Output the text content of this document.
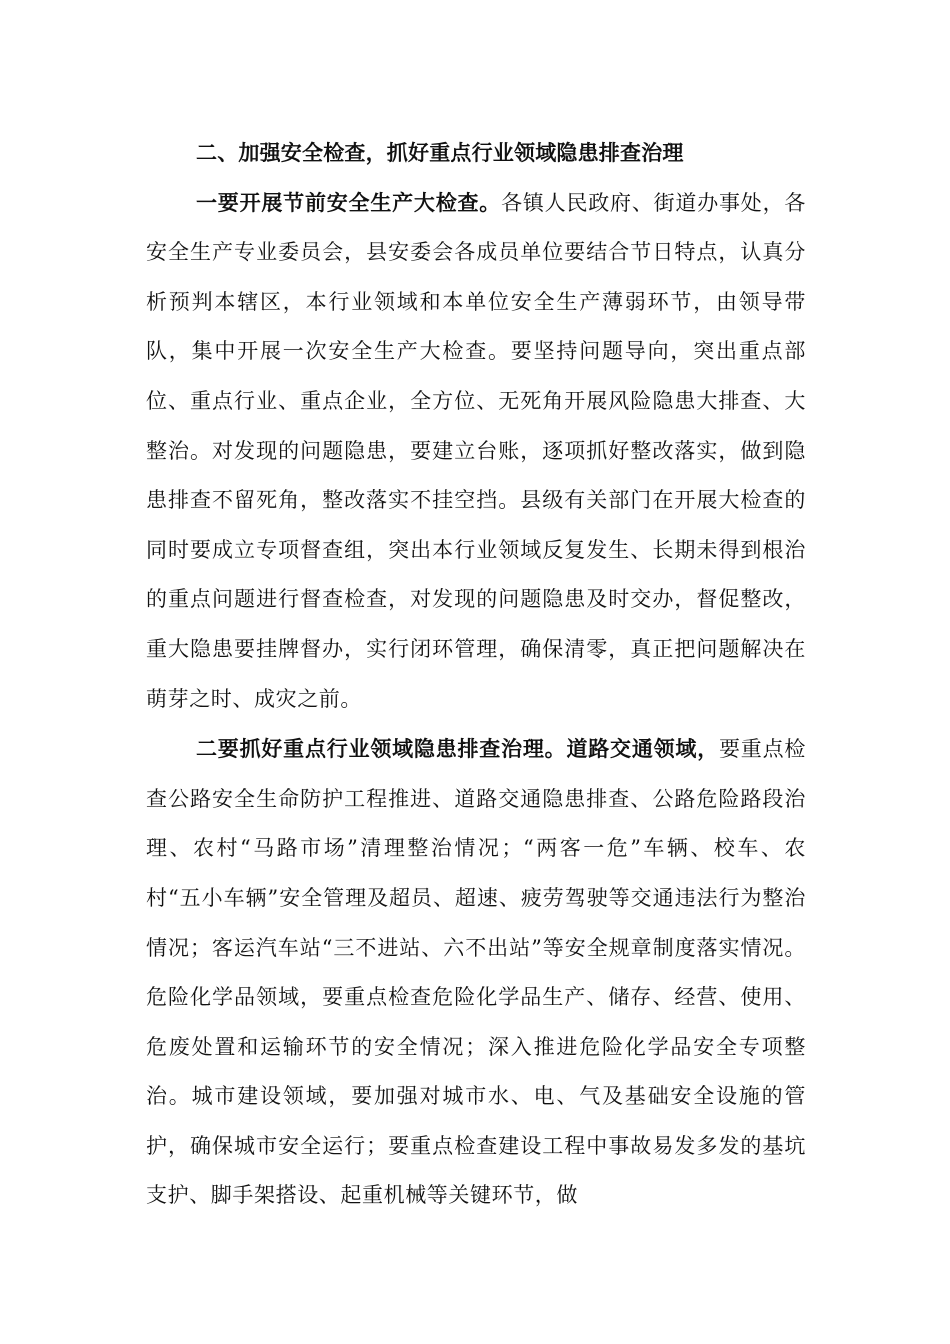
二、加强安全检查，抓好重点行业领域隐患排查治理

一要开展节前安全生产大检查。各镇人民政府、街道办事处，各安全生产专业委员会，县安委会各成员单位要结合节日特点，认真分析预判本辖区，本行业领域和本单位安全生产薄弱环节，由领导带队，集中开展一次安全生产大检查。要坚持问题导向，突出重点部位、重点行业、重点企业，全方位、无死角开展风险隐患大排查、大整治。对发现的问题隐患，要建立台账，逐项抓好整改落实，做到隐患排查不留死角，整改落实不挂空挡。县级有关部门在开展大检查的同时要成立专项督查组，突出本行业领域反复发生、长期未得到根治的重点问题进行督查检查，对发现的问题隐患及时交办，督促整改，重大隐患要挂牌督办，实行闭环管理，确保清零，真正把问题解决在萌芽之时、成灾之前。

二要抓好重点行业领域隐患排查治理。道路交通领域，要重点检查公路安全生命防护工程推进、道路交通隐患排查、公路危险路段治理、农村“马路市场”清理整治情况；“两客一危”车辆、校车、农村“五小车辆”安全管理及超员、超速、疲劳驾驶等交通违法行为整治情况；客运汽车站“三不进站、六不出站”等安全规章制度落实情况。危险化学品领域，要重点检查危险化学品生产、储存、经营、使用、危废处置和运输环节的安全情况；深入推进危险化学品安全专项整治。城市建设领域，要加强对城市水、电、气及基础安全设施的管护，确保城市安全运行；要重点检查建设工程中事故易发多发的基坑支护、脚手架搭设、起重机械等关键环节，做
